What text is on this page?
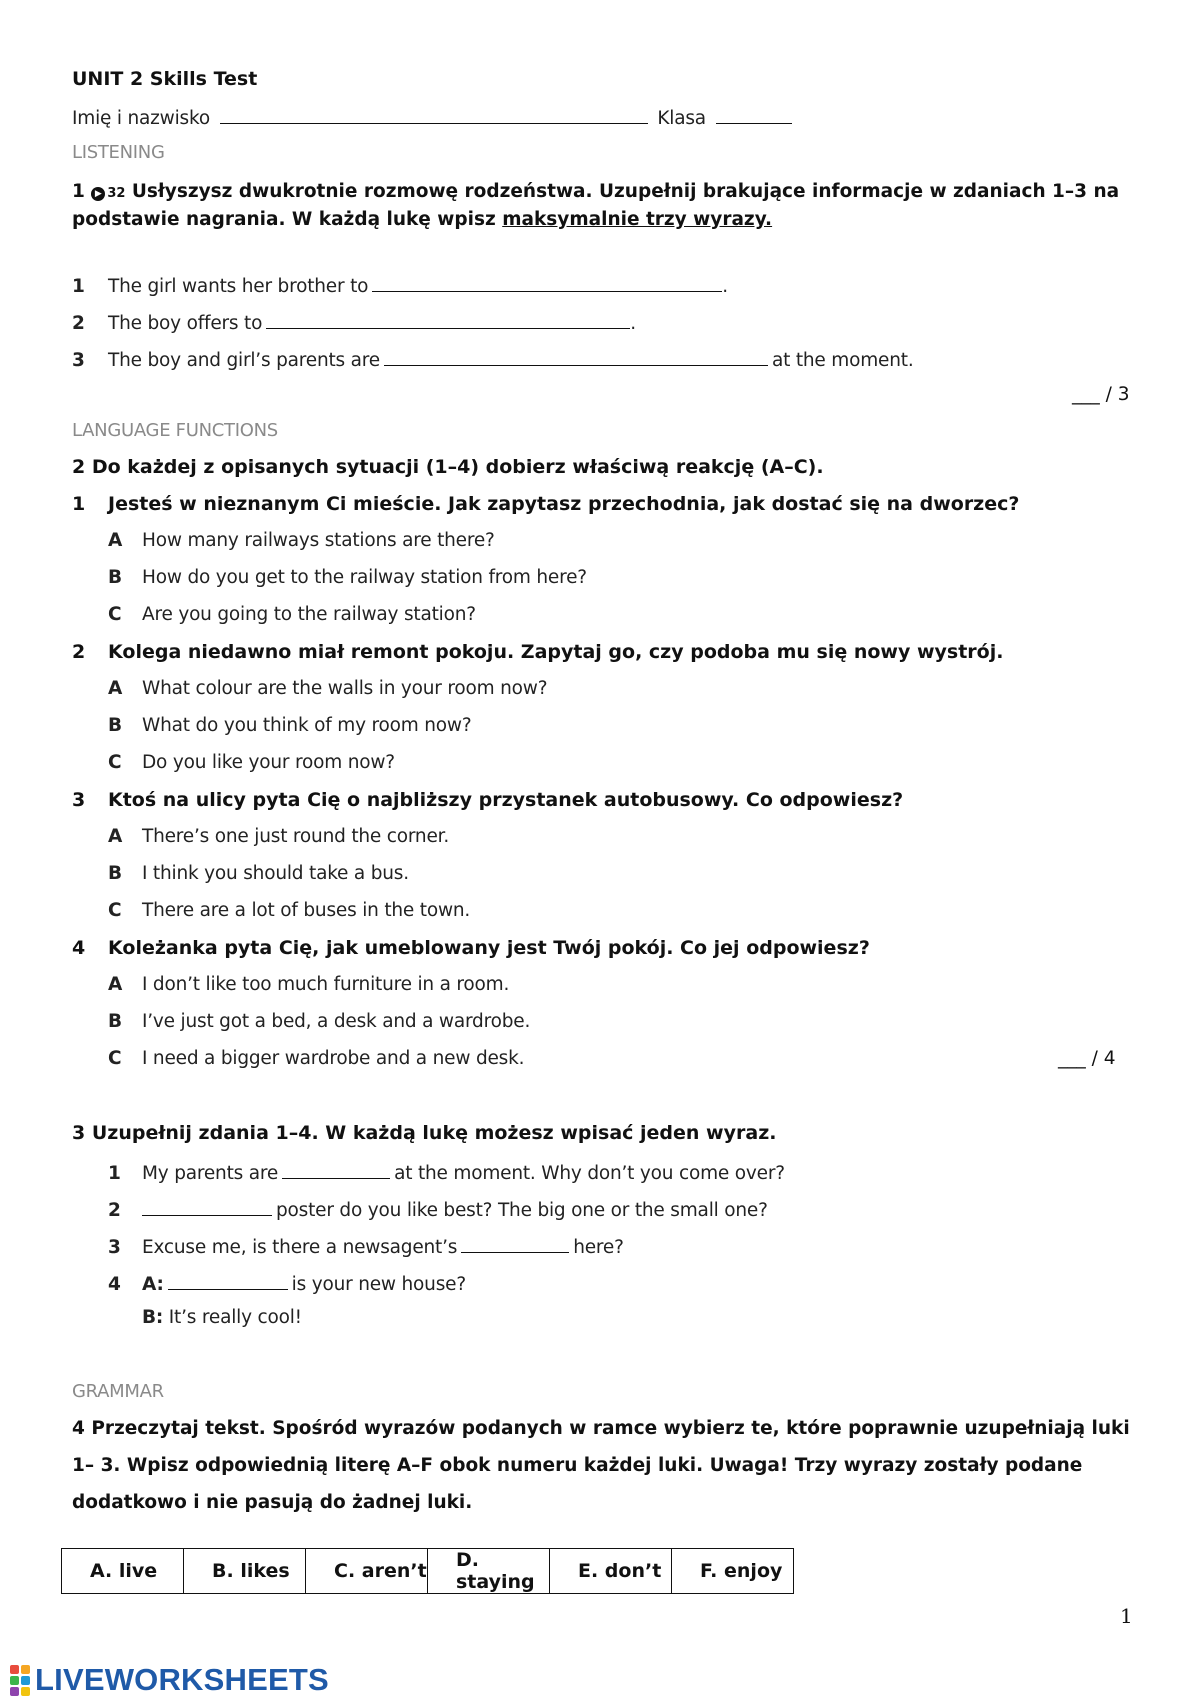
UNIT 2 Skills Test
Imię i nazwisko	Klasa
LISTENING
1 ▶ 32 Usłyszysz dwukrotnie rozmowę rodzeństwa. Uzupełnij brakujące informacje w zdaniach 1–3 na
podstawie nagrania. W każdą lukę wpisz maksymalnie trzy wyrazy.
1 The girl wants her brother to	.
2 The boy offers to	.
3 The boy and girl’s parents are	at the moment.
___ / 3
LANGUAGE FUNCTIONS
2 Do każdej z opisanych sytuacji (1–4) dobierz właściwą reakcję (A–C).
1 Jesteś w nieznanym Ci mieście. Jak zapytasz przechodnia, jak dostać się na dworzec?
A How many railways stations are there?
B How do you get to the railway station from here?
C Are you going to the railway station?
2 Kolega niedawno miał remont pokoju. Zapytaj go, czy podoba mu się nowy wystrój.
A What colour are the walls in your room now?
B What do you think of my room now?
C Do you like your room now?
3 Ktoś na ulicy pyta Cię o najbliższy przystanek autobusowy. Co odpowiesz?
A There’s one just round the corner.
B I think you should take a bus.
C There are a lot of buses in the town.
4 Koleżanka pyta Cię, jak umeblowany jest Twój pokój. Co jej odpowiesz?
A I don’t like too much furniture in a room.
B I’ve just got a bed, a desk and a wardrobe.
C I need a bigger wardrobe and a new desk.	___ / 4
3 Uzupełnij zdania 1–4. W każdą lukę możesz wpisać jeden wyraz.
1 My parents are	at the moment. Why don’t you come over?
2	poster do you like best? The big one or the small one?
3 Excuse me, is there a newsagent’s	here?
4 A:	is your new house?
B: It’s really cool!
GRAMMAR
4 Przeczytaj tekst. Spośród wyrazów podanych w ramce wybierz te, które poprawnie uzupełniają luki
1– 3. Wpisz odpowiednią literę A–F obok numeru każdej luki. Uwaga! Trzy wyrazy zostały podane
dodatkowo i nie pasują do żadnej luki.
A. live	B. likes	C. aren’t	D. staying	E. don’t	F. enjoy
1
LIVEWORKSHEETS
